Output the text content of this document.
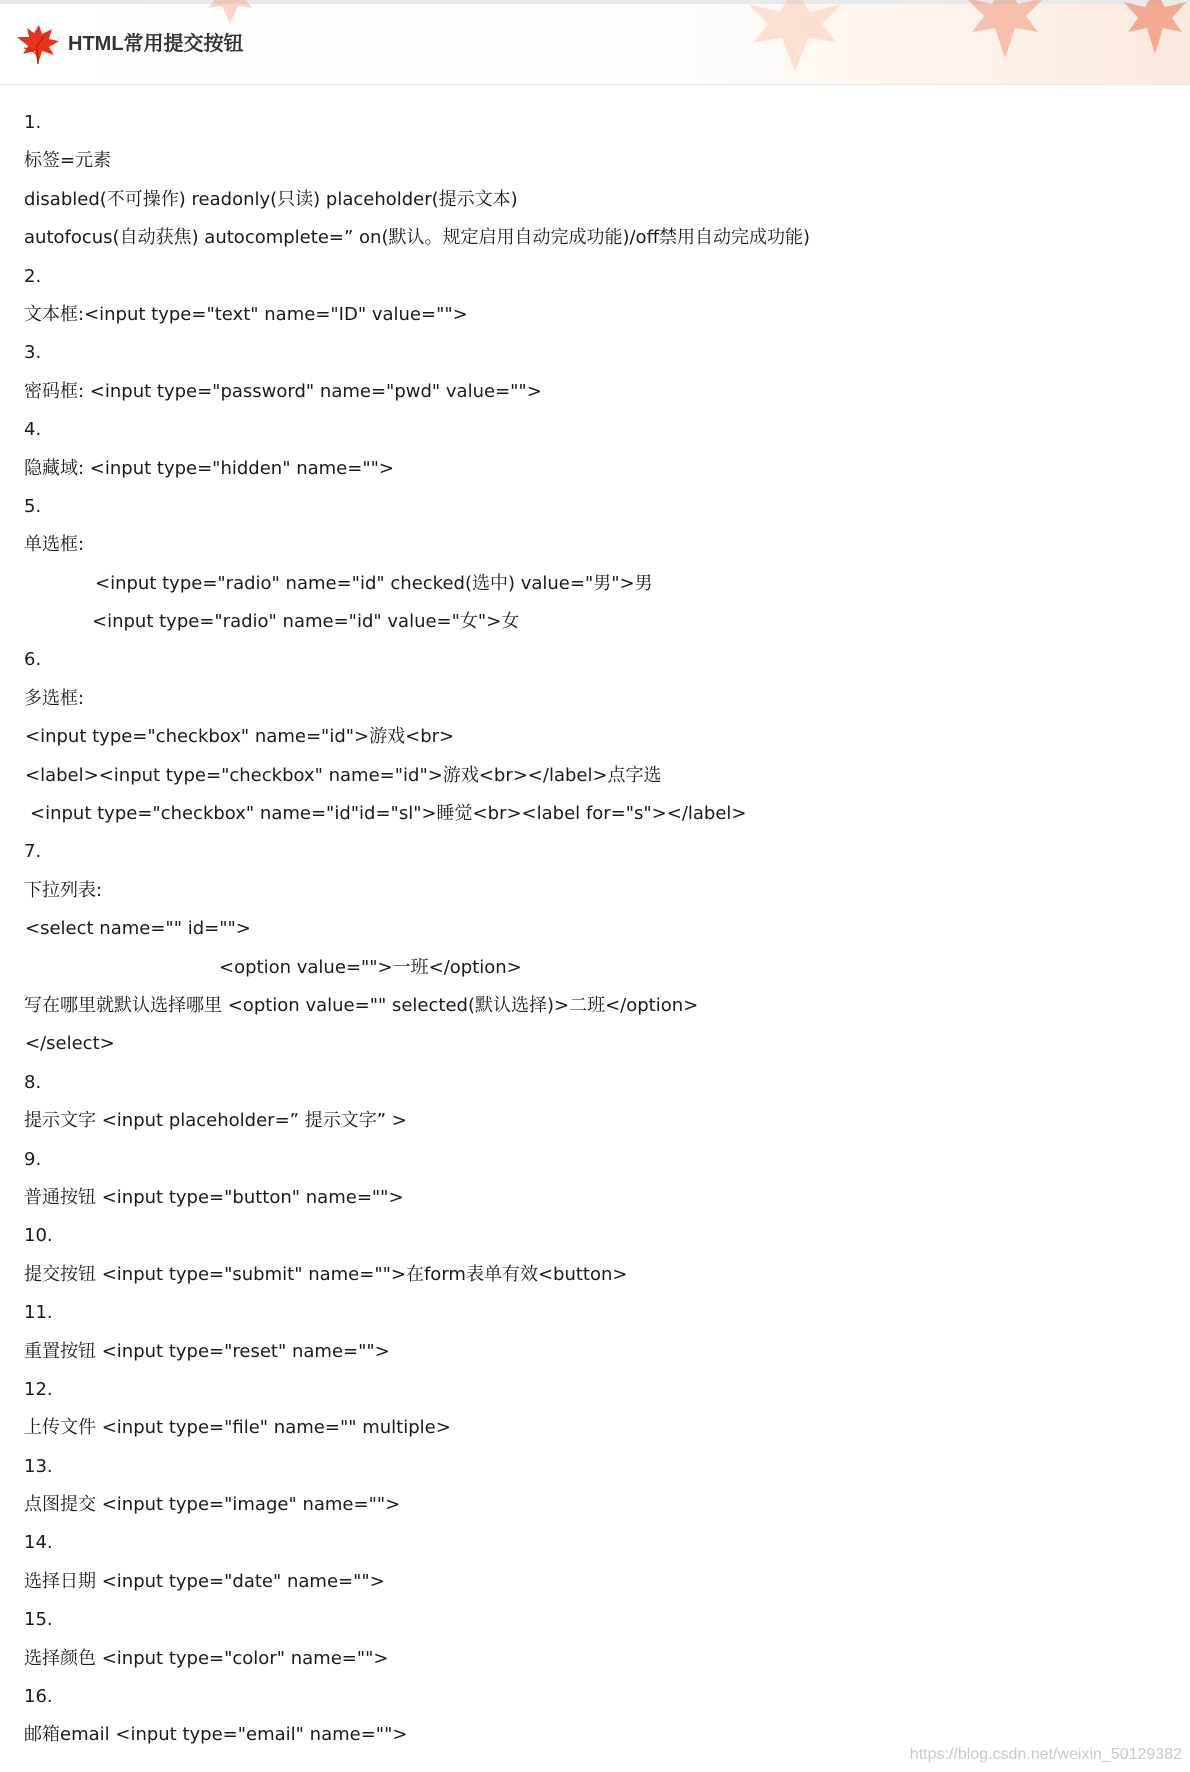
HTML常用提交按钮
1.
标签=元素
disabled(不可操作) readonly(只读) placeholder(提示文本)
autofocus(自动获焦) autocomplete=” on(默认。规定启用自动完成功能)/off禁用自动完成功能)
2.
文本框:<input type="text" name="ID" value="">
3.
密码框: <input type="password" name="pwd" value="">
4.
隐藏域: <input type="hidden" name="">
5.
单选框:
<input type="radio" name="id" checked(选中) value="男">男
<input type="radio" name="id" value="女">女
6.
多选框:
<input type="checkbox" name="id">游戏<br>
<label><input type="checkbox" name="id">游戏<br></label>点字选
<input type="checkbox" name="id"id="sl">睡觉<br><label for="s"></label>
7.
下拉列表:
<select name="" id="">
<option value="">一班</option>
写在哪里就默认选择哪里 <option value="" selected(默认选择)>二班</option>
</select>
8.
提示文字 <input placeholder=” 提示文字” >
9.
普通按钮 <input type="button" name="">
10.
提交按钮 <input type="submit" name="">在form表单有效<button>
11.
重置按钮 <input type="reset" name="">
12.
上传文件 <input type="file" name="" multiple>
13.
点图提交 <input type="image" name="">
14.
选择日期 <input type="date" name="">
15.
选择颜色 <input type="color" name="">
16.
邮箱email <input type="email" name="">
https://blog.csdn.net/weixin_50129382
